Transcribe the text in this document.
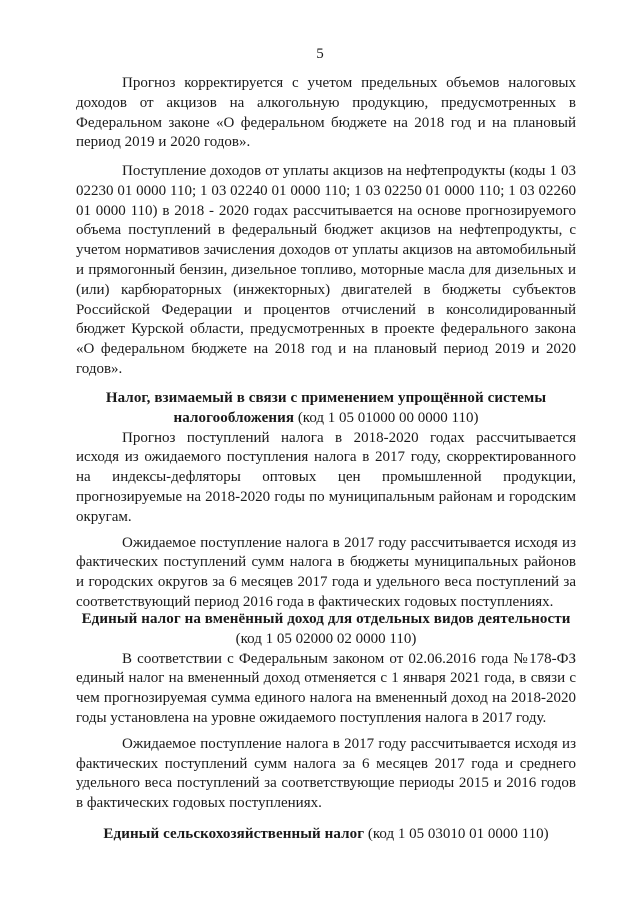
5

Прогноз корректируется с учетом предельных объемов налоговых доходов от акцизов на алкогольную продукцию, предусмотренных в Федеральном законе «О федеральном бюджете на 2018 год и на плановый период 2019 и 2020 годов».

Поступление доходов от уплаты акцизов на нефтепродукты (коды 1 03 02230 01 0000 110; 1 03 02240 01 0000 110; 1 03 02250 01 0000 110; 1 03 02260 01 0000 110) в 2018 - 2020 годах рассчитывается на основе прогнозируемого объема поступлений в федеральный бюджет акцизов на нефтепродукты, с учетом нормативов зачисления доходов от уплаты акцизов на автомобильный и прямогонный бензин, дизельное топливо, моторные масла для дизельных и (или) карбюраторных (инжекторных) двигателей в бюджеты субъектов Российской Федерации и процентов отчислений в консолидированный бюджет Курской области, предусмотренных в проекте федерального закона «О федеральном бюджете на 2018 год и на плановый период 2019 и 2020 годов».

Налог, взимаемый в связи с применением упрощённой системы налогообложения (код 1 05 01000 00 0000 110)

Прогноз поступлений налога в 2018-2020 годах рассчитывается исходя из ожидаемого поступления налога в 2017 году, скорректированного на индексы-дефляторы оптовых цен промышленной продукции, прогнозируемые на 2018-2020 годы по муниципальным районам и городским округам.

Ожидаемое поступление налога в 2017 году рассчитывается исходя из фактических поступлений сумм налога в бюджеты муниципальных районов и городских округов за 6 месяцев 2017 года и удельного веса поступлений за соответствующий период 2016 года в фактических годовых поступлениях.

Единый налог на вменённый доход для отдельных видов деятельности (код 1 05 02000 02 0000 110)

В соответствии с Федеральным законом от 02.06.2016 года №178-ФЗ единый налог на вмененный доход отменяется с 1 января 2021 года, в связи с чем прогнозируемая сумма единого налога на вмененный доход на 2018-2020 годы установлена на уровне ожидаемого поступления налога в 2017 году.

Ожидаемое поступление налога в 2017 году рассчитывается исходя из фактических поступлений сумм налога за 6 месяцев 2017 года и среднего удельного веса поступлений за соответствующие периоды 2015 и 2016 годов в фактических годовых поступлениях.

Единый сельскохозяйственный налог (код 1 05 03010 01 0000 110)
